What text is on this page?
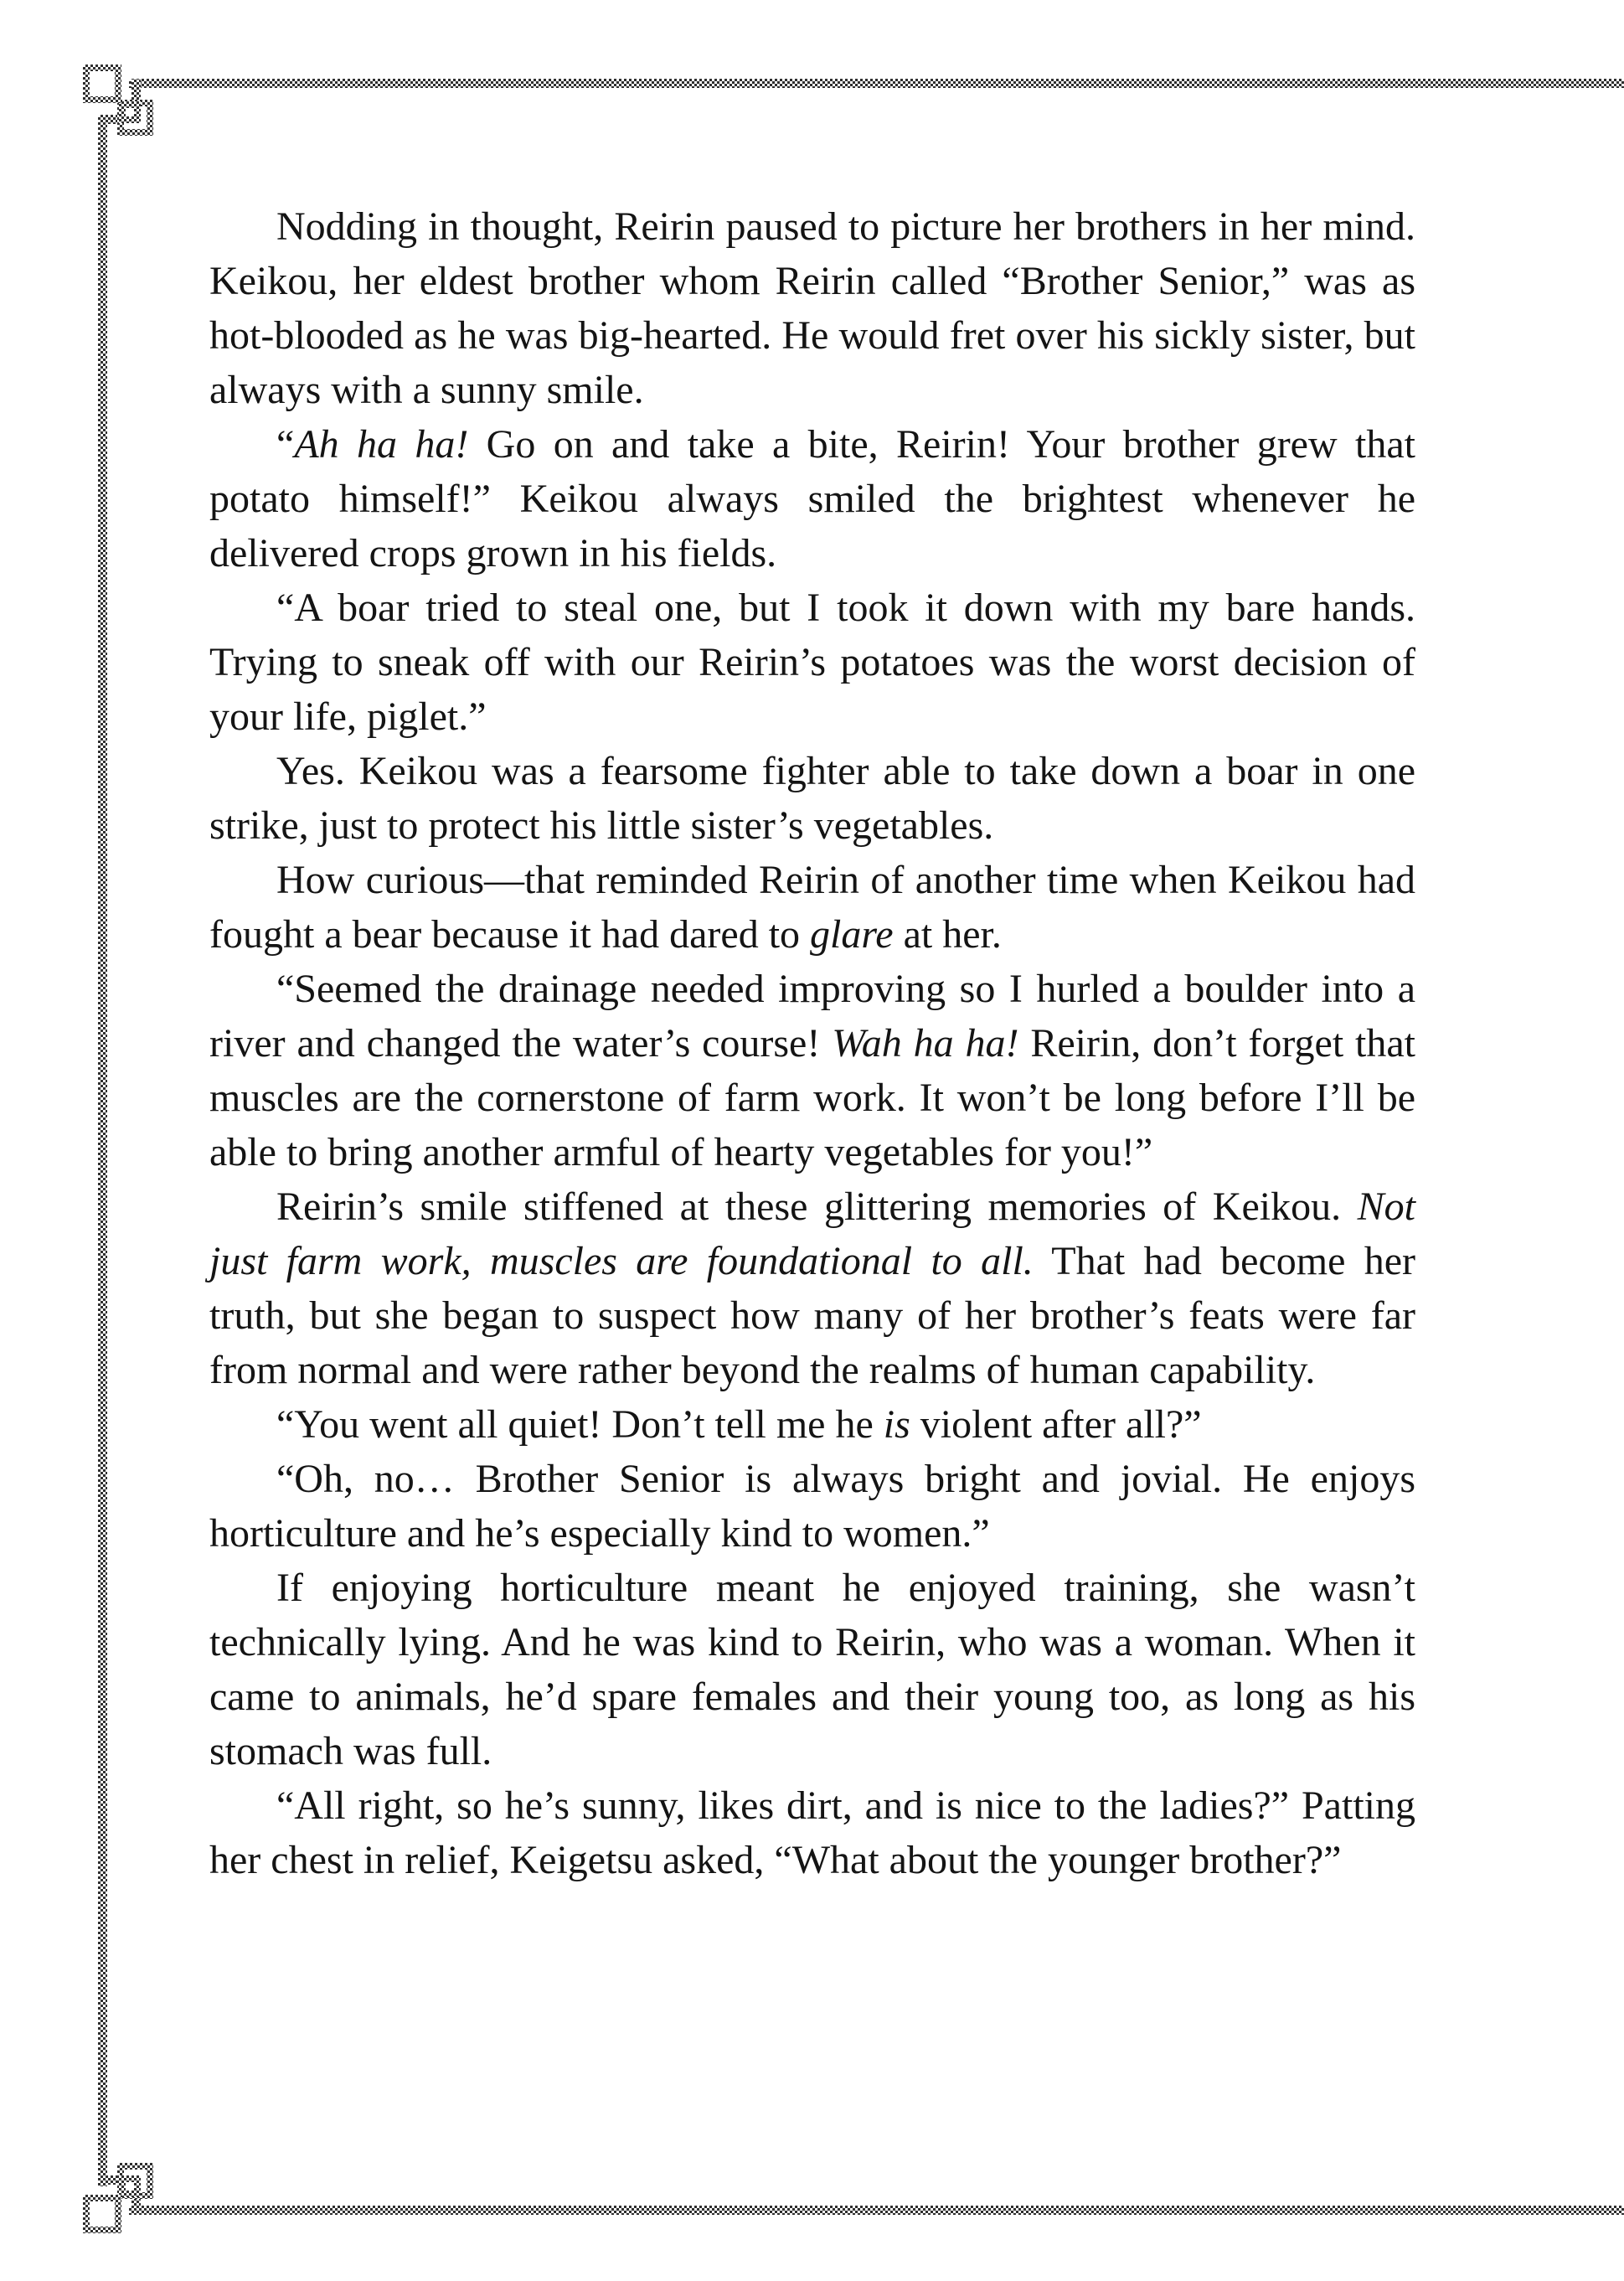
Nodding in thought, Reirin paused to picture her brothers in her mind. Keikou, her eldest brother whom Reirin called “Brother Senior,” was as hot-blooded as he was big-hearted. He would fret over his sickly sister, but always with a sunny smile.

“Ah ha ha! Go on and take a bite, Reirin! Your brother grew that potato himself!” Keikou always smiled the brightest whenever he delivered crops grown in his fields.

“A boar tried to steal one, but I took it down with my bare hands. Trying to sneak off with our Reirin’s potatoes was the worst decision of your life, piglet.”

Yes. Keikou was a fearsome fighter able to take down a boar in one strike, just to protect his little sister’s vegetables.

How curious—that reminded Reirin of another time when Keikou had fought a bear because it had dared to glare at her.

“Seemed the drainage needed improving so I hurled a boulder into a river and changed the water’s course! Wah ha ha! Reirin, don’t forget that muscles are the cornerstone of farm work. It won’t be long before I’ll be able to bring another armful of hearty vegetables for you!”

Reirin’s smile stiffened at these glittering memories of Keikou. Not just farm work, muscles are foundational to all. That had become her truth, but she began to suspect how many of her brother’s feats were far from normal and were rather beyond the realms of human capability.

“You went all quiet! Don’t tell me he is violent after all?”

“Oh, no… Brother Senior is always bright and jovial. He enjoys horticulture and he’s especially kind to women.”

If enjoying horticulture meant he enjoyed training, she wasn’t technically lying. And he was kind to Reirin, who was a woman. When it came to animals, he’d spare females and their young too, as long as his stomach was full.

“All right, so he’s sunny, likes dirt, and is nice to the ladies?” Patting her chest in relief, Keigetsu asked, “What about the younger brother?”
